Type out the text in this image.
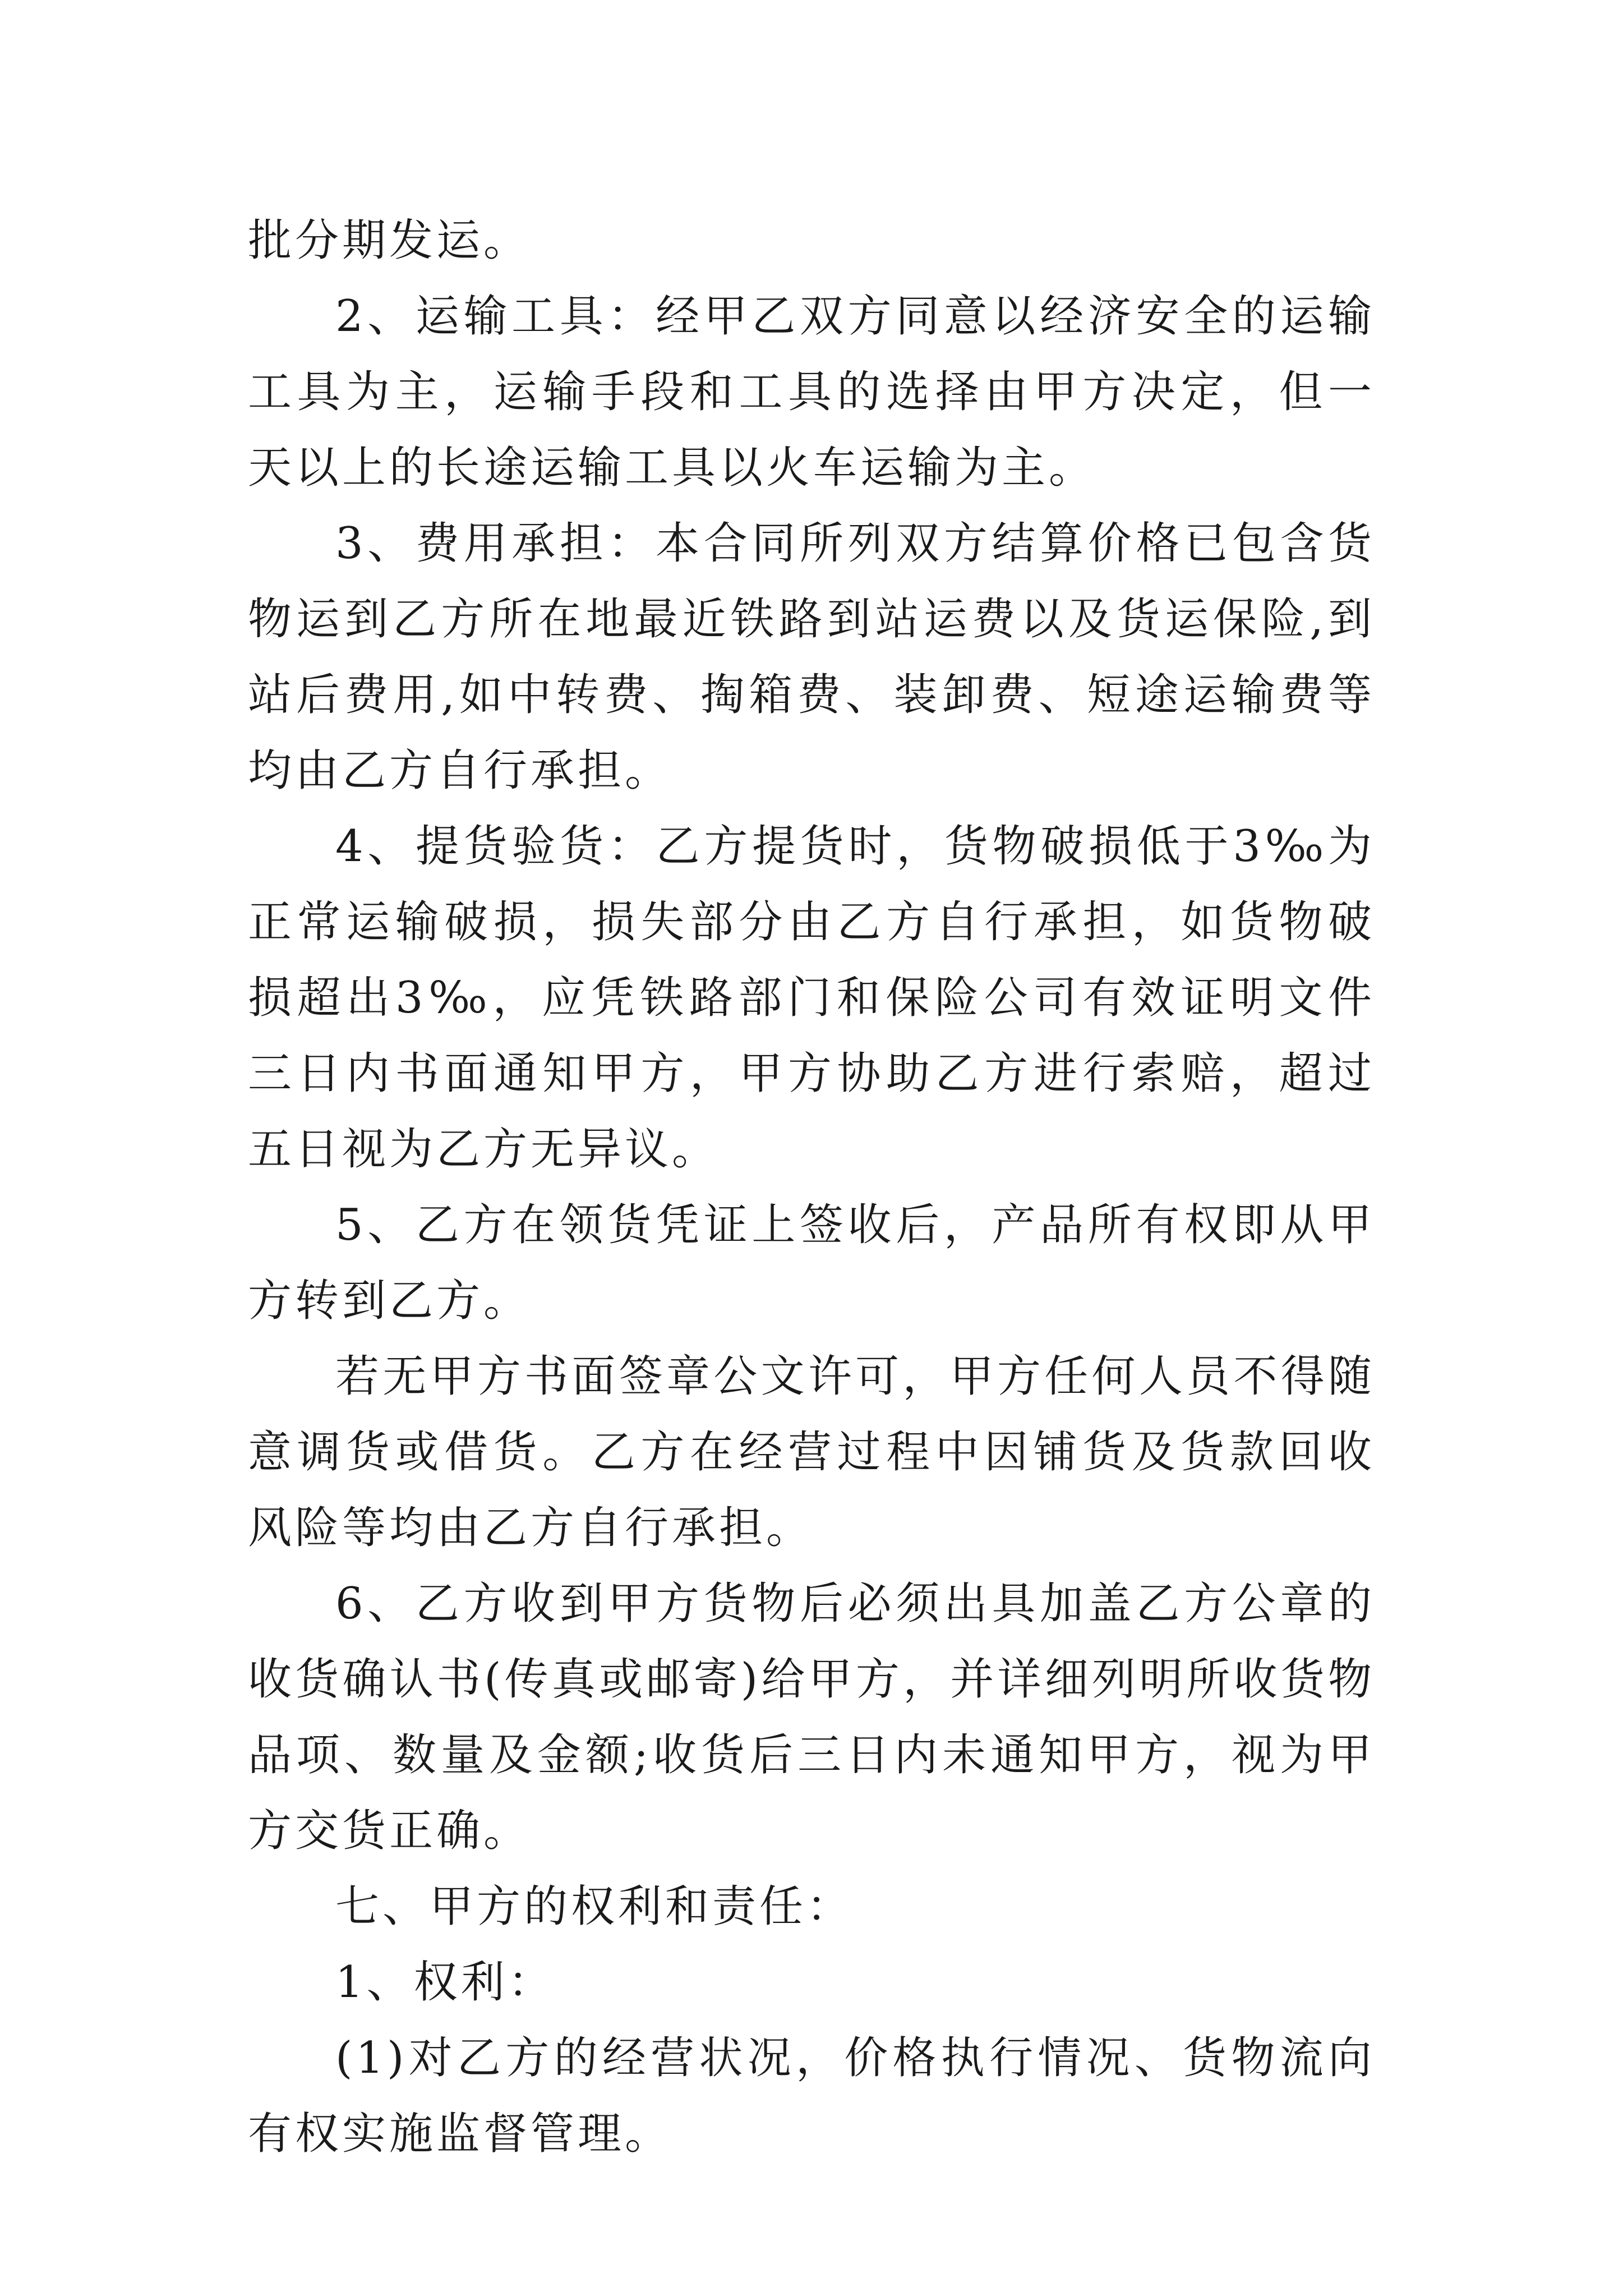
批分期发运。

2、运输工具：经甲乙双方同意以经济安全的运输工具为主，运输手段和工具的选择由甲方决定，但一天以上的长途运输工具以火车运输为主。

3、费用承担：本合同所列双方结算价格已包含货物运到乙方所在地最近铁路到站运费以及货运保险,到站后费用,如中转费、掏箱费、装卸费、短途运输费等均由乙方自行承担。

4、提货验货：乙方提货时，货物破损低于3‰为正常运输破损，损失部分由乙方自行承担，如货物破损超出3‰，应凭铁路部门和保险公司有效证明文件三日内书面通知甲方，甲方协助乙方进行索赔，超过五日视为乙方无异议。

5、乙方在领货凭证上签收后，产品所有权即从甲方转到乙方。

若无甲方书面签章公文许可，甲方任何人员不得随意调货或借货。乙方在经营过程中因铺货及货款回收风险等均由乙方自行承担。

6、乙方收到甲方货物后必须出具加盖乙方公章的收货确认书(传真或邮寄)给甲方，并详细列明所收货物品项、数量及金额;收货后三日内未通知甲方，视为甲方交货正确。

七、甲方的权利和责任：

1、权利：

(1)对乙方的经营状况，价格执行情况、货物流向有权实施监督管理。
